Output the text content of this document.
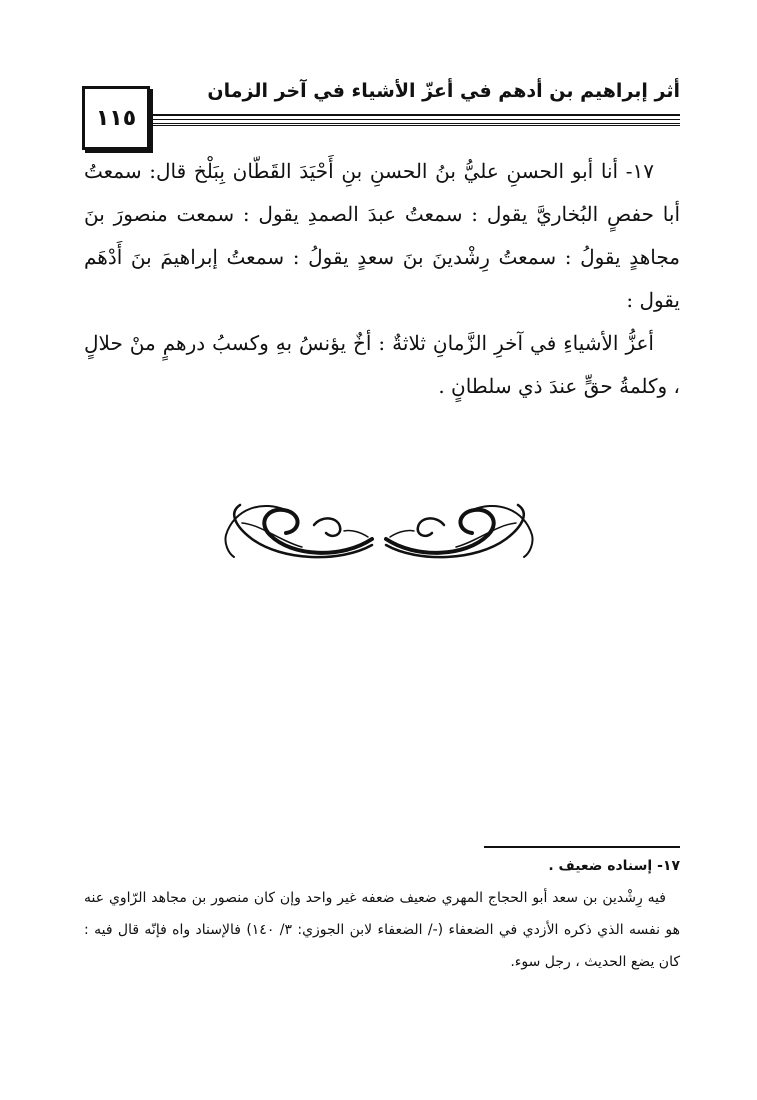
١١٥
أثر إبراهيم بن أدهم في أعزّ الأشياء في آخر الزمان

١٧- أنا أبو الحسنِ عليُّ بنُ الحسنِ بنِ أَحْيَدَ القَطّان بِبَلْخ قال: سمعتُ أبا حفصٍ البُخاريَّ يقول : سمعتُ عبدَ الصمدِ يقول : سمعت منصورَ بنَ مجاهدٍ يقولُ : سمعتُ رِشْدينَ بنَ سعدٍ يقولُ : سمعتُ إبراهيمَ بنَ أَدْهَم يقول :

أعزُّ الأشياءِ في آخرِ الزَّمانِ ثلاثةٌ : أخٌ يؤنسُ بهِ وكسبُ درهمٍ منْ حلالٍ ، وكلمةُ حقٍّ عندَ ذي سلطانٍ .

١٧- إسناده ضعيف .

فيه رِشْدين بن سعد أبو الحجاج المهري ضعيف ضعفه غير واحد وإن كان منصور بن مجاهد الرّاوي عنه هو نفسه الذي ذكره الأزدي في الضعفاء (-/ الضعفاء لابن الجوزي: ٣/ ١٤٠) فالإسناد واه فإنّه قال فيه : كان يضع الحديث ، رجل سوء.
